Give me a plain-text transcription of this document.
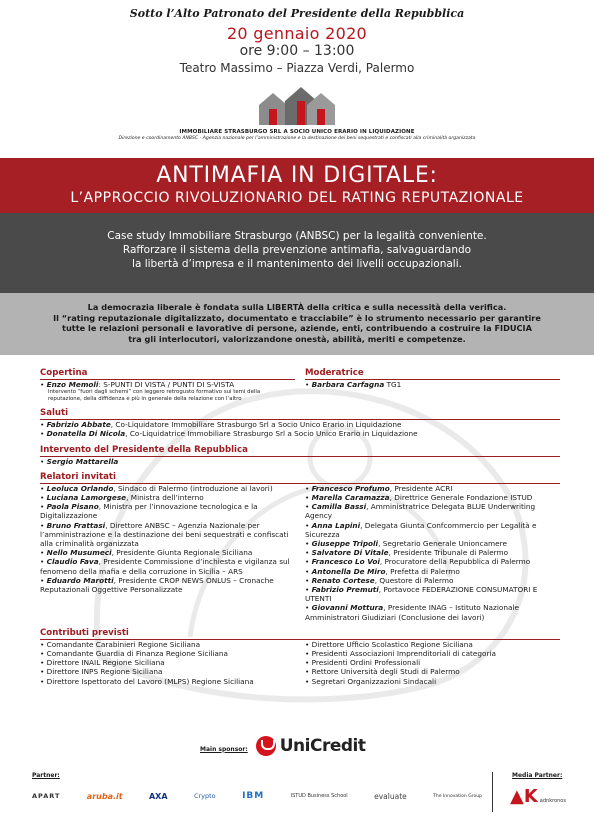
Sotto l’Alto Patronato del Presidente della Repubblica
20 gennaio 2020
ore 9:00 – 13:00
Teatro Massimo – Piazza Verdi, Palermo
IMMOBILIARE STRASBURGO SRL A SOCIO UNICO ERARIO IN LIQUIDAZIONE
Direzione e coordinamento ANBSC - Agenzia nazionale per l’amministrazione e la destinazione dei beni sequestrati e confiscati alla criminalità organizzata
ANTIMAFIA IN DIGITALE:
L’APPROCCIO RIVOLUZIONARIO DEL RATING REPUTAZIONALE
Case study Immobiliare Strasburgo (ANBSC) per la legalità conveniente.
Rafforzare il sistema della prevenzione antimafia, salvaguardando
la libertà d’impresa e il mantenimento dei livelli occupazionali.
La democrazia liberale è fondata sulla LIBERTÀ della critica e sulla necessità della verifica.
Il “rating reputazionale digitalizzato, documentato e tracciabile” è lo strumento necessario per garantire
tutte le relazioni personali e lavorative di persone, aziende, enti, contribuendo a costruire la FIDUCIA
tra gli interlocutori, valorizzandone onestà, abilità, meriti e competenze.
Copertina
• Enzo Memoli: S-PUNTI DI VISTA / PUNTI DI S-VISTA
Intervento “fuori dagli schemi” con leggero retrogusto formativo sui temi della reputazione, della diffidenza e più in generale della relazione con l’altro
Moderatrice
• Barbara Carfagna TG1
Saluti
• Fabrizio Abbate, Co-Liquidatore Immobiliare Strasburgo Srl a Socio Unico Erario in Liquidazione
• Donatella Di Nicola, Co-Liquidatrice Immobiliare Strasburgo Srl a Socio Unico Erario in Liquidazione
Intervento del Presidente della Repubblica
• Sergio Mattarella
Relatori invitati
• Leoluca Orlando, Sindaco di Palermo (introduzione ai lavori)
• Luciana Lamorgese, Ministra dell’interno
• Paola Pisano, Ministra per l’innovazione tecnologica e la Digitalizzazione
• Bruno Frattasi, Direttore ANBSC – Agenzia Nazionale per l’amministrazione e la destinazione dei beni sequestrati e confiscati alla criminalità organizzata
• Nello Musumeci, Presidente Giunta Regionale Siciliana
• Claudio Fava, Presidente Commissione d’inchiesta e vigilanza sul fenomeno della mafia e della corruzione in Sicilia – ARS
• Eduardo Marotti, Presidente CROP NEWS ONLUS – Cronache Reputazionali Oggettive Personalizzate
• Francesco Profumo, Presidente ACRI
• Marella Caramazza, Direttrice Generale Fondazione ISTUD
• Camilla Bassi, Amministratrice Delegata BLUE Underwriting Agency
• Anna Lapini, Delegata Giunta Confcommercio per Legalità e Sicurezza
• Giuseppe Tripoli, Segretario Generale Unioncamere
• Salvatore Di Vitale, Presidente Tribunale di Palermo
• Francesco Lo Voi, Procuratore della Repubblica di Palermo
• Antonella De Miro, Prefetta di Palermo
• Renato Cortese, Questore di Palermo
• Fabrizio Premuti, Portavoce FEDERAZIONE CONSUMATORI E UTENTI
• Giovanni Mottura, Presidente INAG – Istituto Nazionale Amministratori Giudiziari (Conclusione dei lavori)
Contributi previsti
• Comandante Carabinieri Regione Siciliana
• Comandante Guardia di Finanza Regione Siciliana
• Direttore INAIL Regione Siciliana
• Direttore INPS Regione Siciliana
• Direttore Ispettorato del Lavoro (MLPS) Regione Siciliana
• Direttore Ufficio Scolastico Regione Siciliana
• Presidenti Associazioni Imprenditoriali di categoria
• Presidenti Ordini Professionali
• Rettore Università degli Studi di Palermo
• Segretari Organizzazioni Sindacali
Main sponsor: UniCredit
Partner:
APART	aruba.it	AXA	Crypto	IBM	ISTUD Business School	evaluate	The Innovation Group
Media Partner:
▲K adnkronos
